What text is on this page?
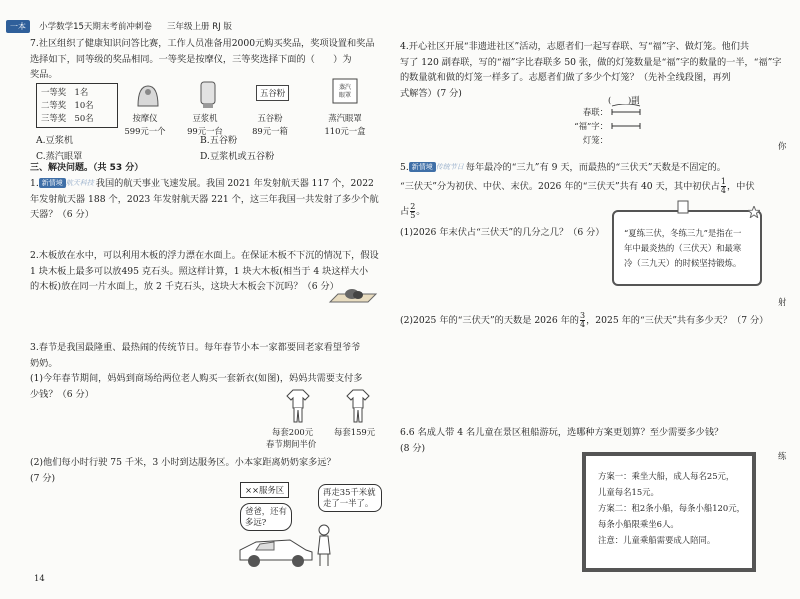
一本 小学数学15天期末考前冲刺卷 三年级上册 RJ 版
7.社区组织了健康知识问答比赛，工作人员准备用2000元购买奖品，奖项设置和奖品
选择如下，同等级的奖品相同。一等奖是按摩仪，三等奖选择下面的（　　）为
奖品。
一等奖　1名
二等奖　10名
三等奖　50名
五谷粉
蒸汽
眼罩
按摩仪	豆浆机	五谷粉	蒸汽眼罩
599元一个	99元一台	89元一箱	110元一盒
A.豆浆机	B.五谷粉
C.蒸汽眼罩	D.豆浆机或五谷粉
三、解决问题。（共 53 分）
1. 新情境 航天科技 我国的航天事业飞速发展。我国 2021 年发射航天器 117 个，2022
年发射航天器 188 个，2023 年发射航天器 221 个，这三年我国一共发射了多少个航
天器？（6 分）
2.木板放在水中，可以利用木板的浮力漂在水面上。在保证木板不下沉的情况下，假设
1 块木板上最多可以放495 克石头。照这样计算，1 块大木板(相当于 4 块这样大小
的木板)放在同一片水面上，放 2 千克石头，这块大木板会下沉吗？（6 分）
3.春节是我国最隆重、最热闹的传统节日。每年春节小本一家都要回老家看望爷爷
奶奶。
(1)今年春节期间，妈妈到商场给两位老人购买一套新衣(如图)，妈妈共需要支付多
少钱？（6 分）
每套200元
春节期间半价
每套159元
(2)他们每小时行驶 75 千米，3 小时到达服务区。小本家距离奶奶家多远？
(7 分)
××服务区
爸爸，还有多远?
再走35千米就走了一半了。
4.开心社区开展“非遗进社区”活动，志愿者们一起写春联、写“福”字、做灯笼。他们共
写了 120 副春联，写的“福”字比春联多 50 张，做的灯笼数量是“福”字的数量的一半，“福”字
的数量就和做的灯笼一样多了。志愿者们做了多少个灯笼？（先补全线段图，再列
式解答）(7 分)
(　　)副
春联：
“福”字：
灯笼：
5. 新情境 传统节日 每年最冷的“三九”有 9 天，而最热的“三伏天”天数是不固定的。
“三伏天”分为初伏、中伏、末伏。2026 年的“三伏天”共有 40 天，其中初伏占 $\frac{1}{4}$ ，中伏
占 $\frac{2}{5}$ 。
(1)2026 年末伏占“三伏天”的几分之几？（6 分） “夏练三伏，冬练三九”是指在一
年中最炎热的（三伏天）和最寒
冷（三九天）的时候坚持锻炼。
(2)2025 年的“三伏天”的天数是 2026 年的 $\frac{3}{4}$ ，2025 年的“三伏天”共有多少天？（7 分）
6.6 名成人带 4 名儿童在景区租船游玩，选哪种方案更划算？至少需要多少钱？
(8 分)
方案一：乘坐大船，成人每名25元，
儿童每名15元。
方案二：租2条小船，每条小船120元，
每条小船限乘坐6人。
注意：儿童乘船需要成人陪同。
你
射
练
14
